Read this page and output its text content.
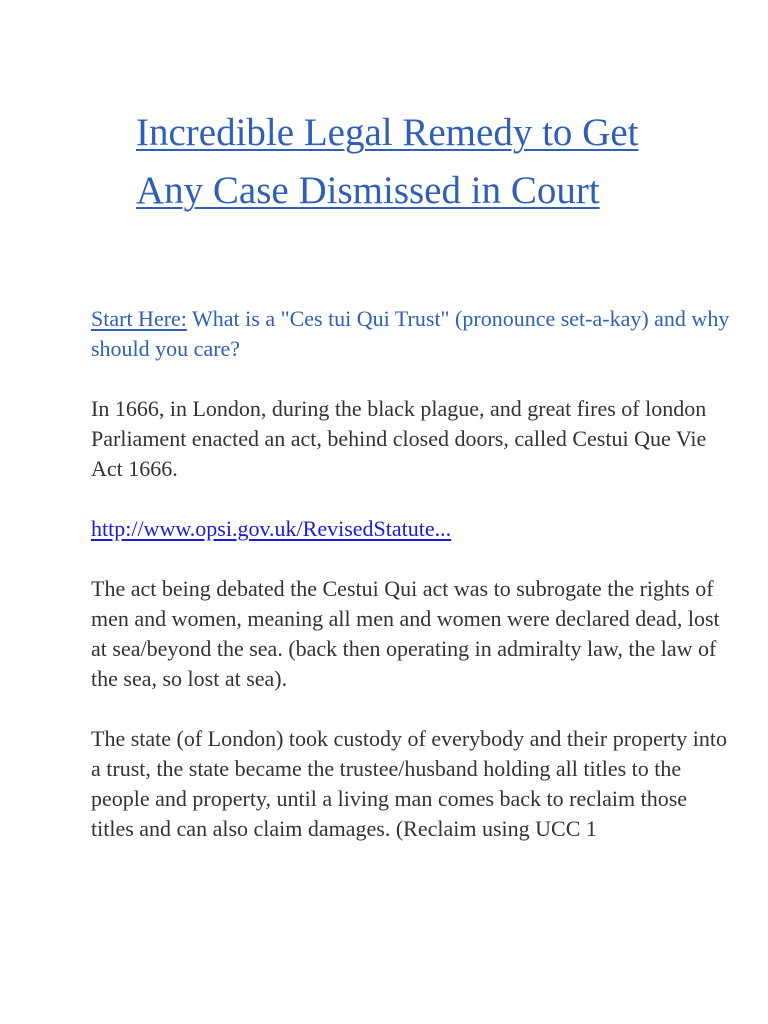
Incredible Legal Remedy to Get Any Case Dismissed in Court

Start Here: What is a "Ces tui Qui Trust" (pronounce set-a-kay) and why should you care?

In 1666, in London, during the black plague, and great fires of london Parliament enacted an act, behind closed doors, called Cestui Que Vie Act 1666.

http://www.opsi.gov.uk/RevisedStatute...

The act being debated the Cestui Qui act was to subrogate the rights of men and women, meaning all men and women were declared dead, lost at sea/beyond the sea. (back then operating in admiralty law, the law of the sea, so lost at sea).

The state (of London) took custody of everybody and their property into a trust, the state became the trustee/husband holding all titles to the people and property, until a living man comes back to reclaim those titles and can also claim damages. (Reclaim using UCC 1
